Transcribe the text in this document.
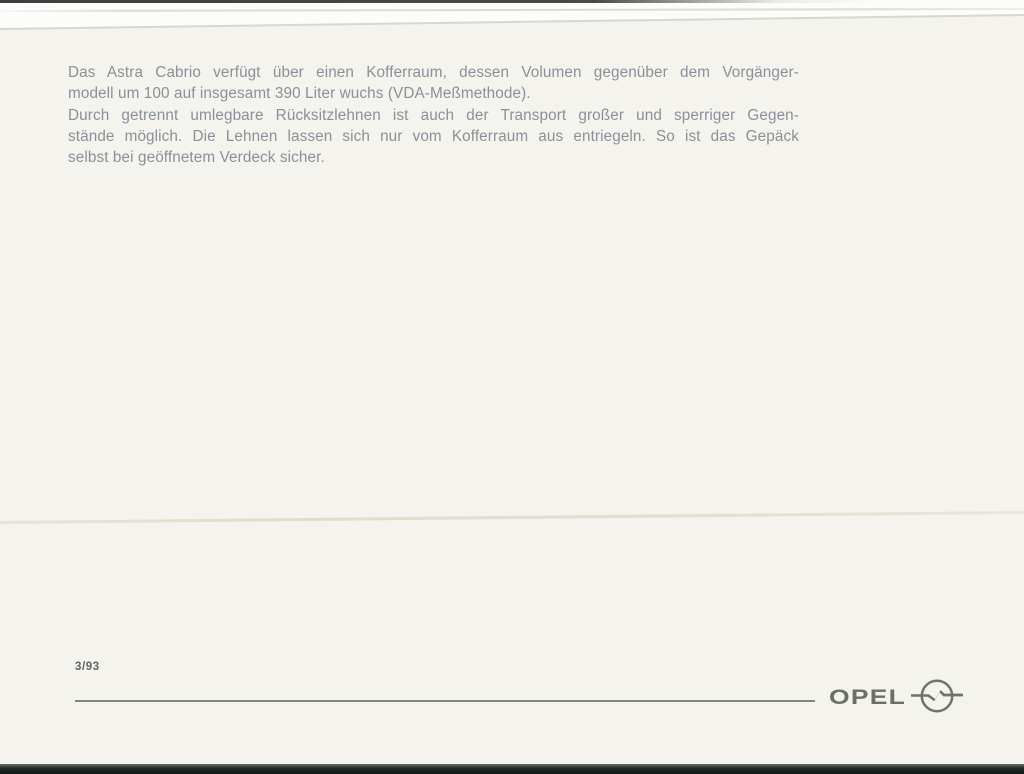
Das Astra Cabrio verfügt über einen Kofferraum, dessen Volumen gegenüber dem Vorgänger-
modell um 100 auf insgesamt 390 Liter wuchs (VDA-Meßmethode).
Durch getrennt umlegbare Rücksitzlehnen ist auch der Transport großer und sperriger Gegen-
stände möglich. Die Lehnen lassen sich nur vom Kofferraum aus entriegeln. So ist das Gepäck
selbst bei geöffnetem Verdeck sicher.
3/93
OPEL
